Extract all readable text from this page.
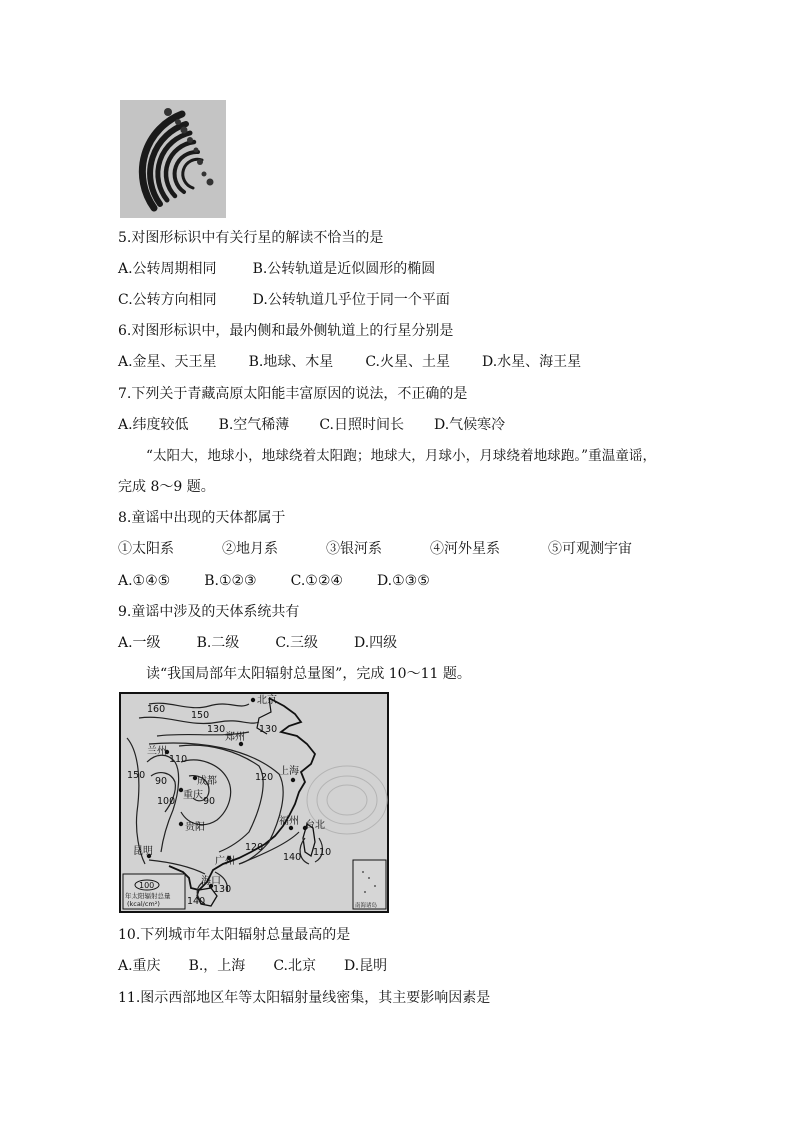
5.对图形标识中有关行星的解读不恰当的是
A.公转周期相同	B.公转轨道是近似圆形的椭圆
C.公转方向相同	D.公转轨道几乎位于同一个平面
6.对图形标识中，最内侧和最外侧轨道上的行星分别是
A.金星、天王星 B.地球、木星 C.火星、土星 D.水星、海王星
7.下列关于青藏高原太阳能丰富原因的说法，不正确的是
A.纬度较低 B.空气稀薄 C.日照时间长 D.气候寒冷
“太阳大，地球小，地球绕着太阳跑；地球大，月球小，月球绕着地球跑。”重温童谣，
完成 8～9 题。
8.童谣中出现的天体都属于
①太阳系	②地月系	③银河系	④河外星系	⑤可观测宇宙
A.①④⑤ B.①②③ C.①②④ D.①③⑤
9.童谣中涉及的天体系统共有
A.一级	B.二级	C.三级	D.四级
读“我国局部年太阳辐射总量图”，完成 10～11 题。
北京
郑州
兰州
成都
重庆
贵阳
上海
福州 台北
广州
海口
昆明
160
150
130	130
150
90
90
100
110
120
120	110
140
130
140
100
年太阳辐射总量
(kcal/cm²)	南海诸岛
10.下列城市年太阳辐射总量最高的是
A.重庆 B.，上海 C.北京 D.昆明
11.图示西部地区年等太阳辐射量线密集，其主要影响因素是
